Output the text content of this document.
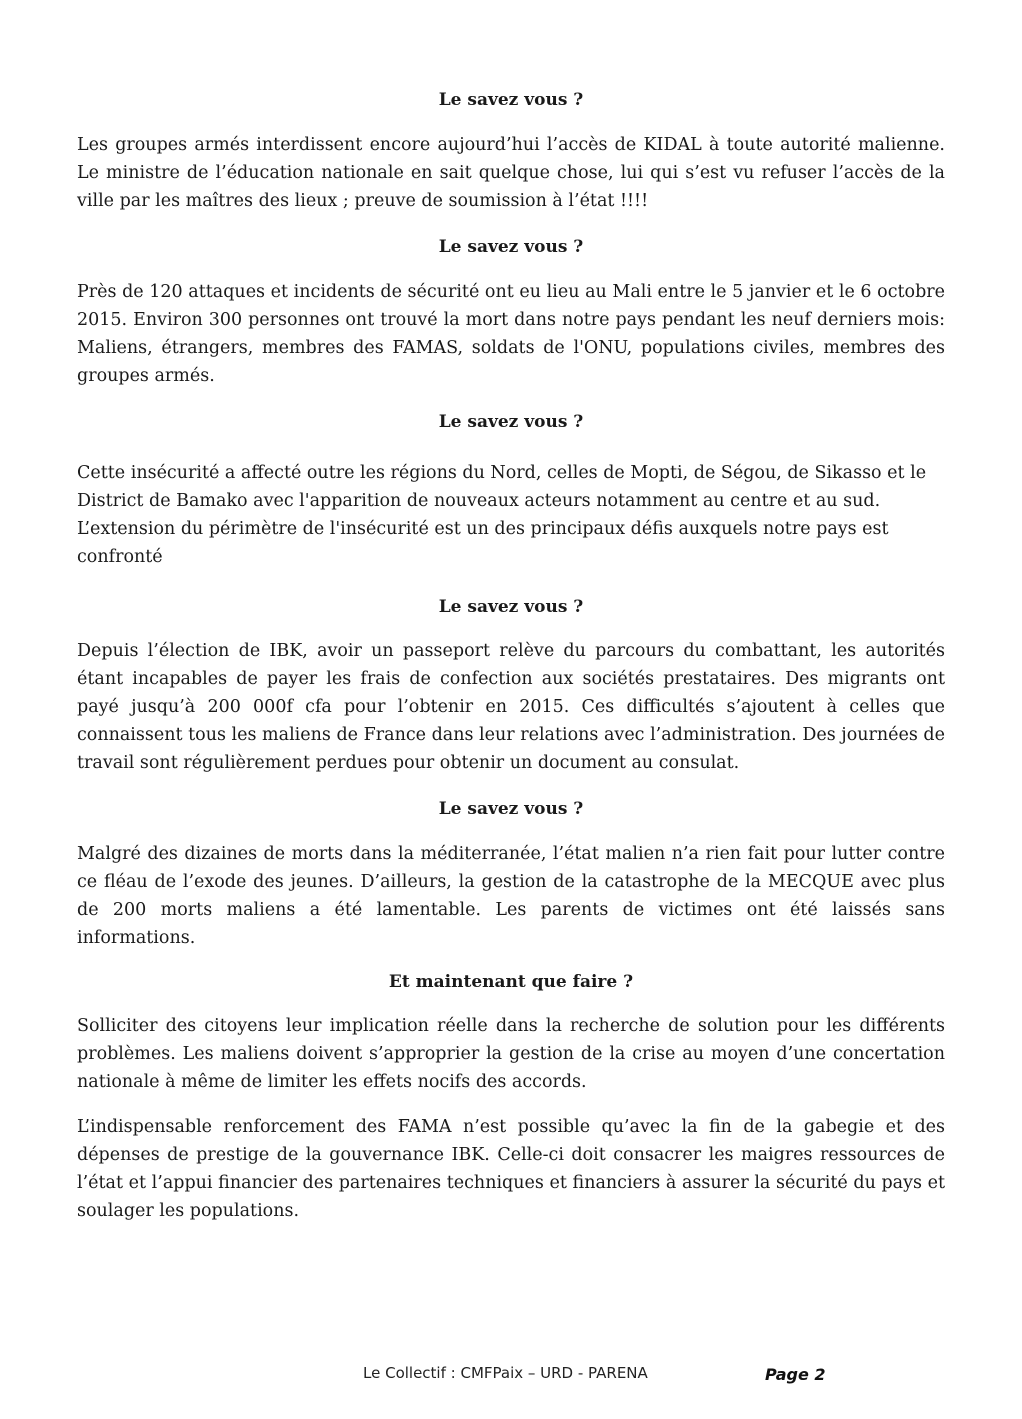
Le savez vous ?

Les groupes armés interdissent encore aujourd’hui l’accès de KIDAL à toute autorité malienne. Le ministre de l’éducation nationale en sait quelque chose, lui qui s’est vu refuser l’accès de la ville par les maîtres des lieux ; preuve de soumission à l’état !!!!

Le savez vous ?

Près de 120 attaques et incidents de sécurité ont eu lieu au Mali entre le 5 janvier et le 6 octobre 2015. Environ 300 personnes ont trouvé la mort dans notre pays pendant les neuf derniers mois: Maliens, étrangers, membres des FAMAS, soldats de l'ONU, populations civiles, membres des groupes armés.

Le savez vous ?

Cette insécurité a affecté outre les régions du Nord, celles de Mopti, de Ségou, de Sikasso et le District de Bamako avec l'apparition de nouveaux acteurs notamment au centre et au sud. L’extension du périmètre de l'insécurité est un des principaux défis auxquels notre pays est confronté

Le savez vous ?

Depuis l’élection de IBK, avoir un passeport relève du parcours du combattant, les autorités étant incapables de payer les frais de confection aux sociétés prestataires. Des migrants ont payé jusqu’à 200 000f cfa pour l’obtenir en 2015. Ces difficultés s’ajoutent à celles que connaissent tous les maliens de France dans leur relations avec l’administration. Des journées de travail sont régulièrement perdues pour obtenir un document au consulat.

Le savez vous ?

Malgré des dizaines de morts dans la méditerranée, l’état malien n’a rien fait pour lutter contre ce fléau de l’exode des jeunes. D’ailleurs, la gestion de la catastrophe de la MECQUE avec plus de 200 morts maliens a été lamentable. Les parents de victimes ont été laissés sans informations.

Et maintenant que faire ?

Solliciter des citoyens leur implication réelle dans la recherche de solution pour les différents problèmes. Les maliens doivent s’approprier la gestion de la crise au moyen d’une concertation nationale à même de limiter les effets nocifs des accords.

L’indispensable renforcement des FAMA n’est possible qu’avec la fin de la gabegie et des dépenses de prestige de la gouvernance IBK. Celle-ci doit consacrer les maigres ressources de l’état et l’appui financier des partenaires techniques et financiers à assurer la sécurité du pays et soulager les populations.

Le Collectif : CMFPaix – URD - PARENA	Page 2
